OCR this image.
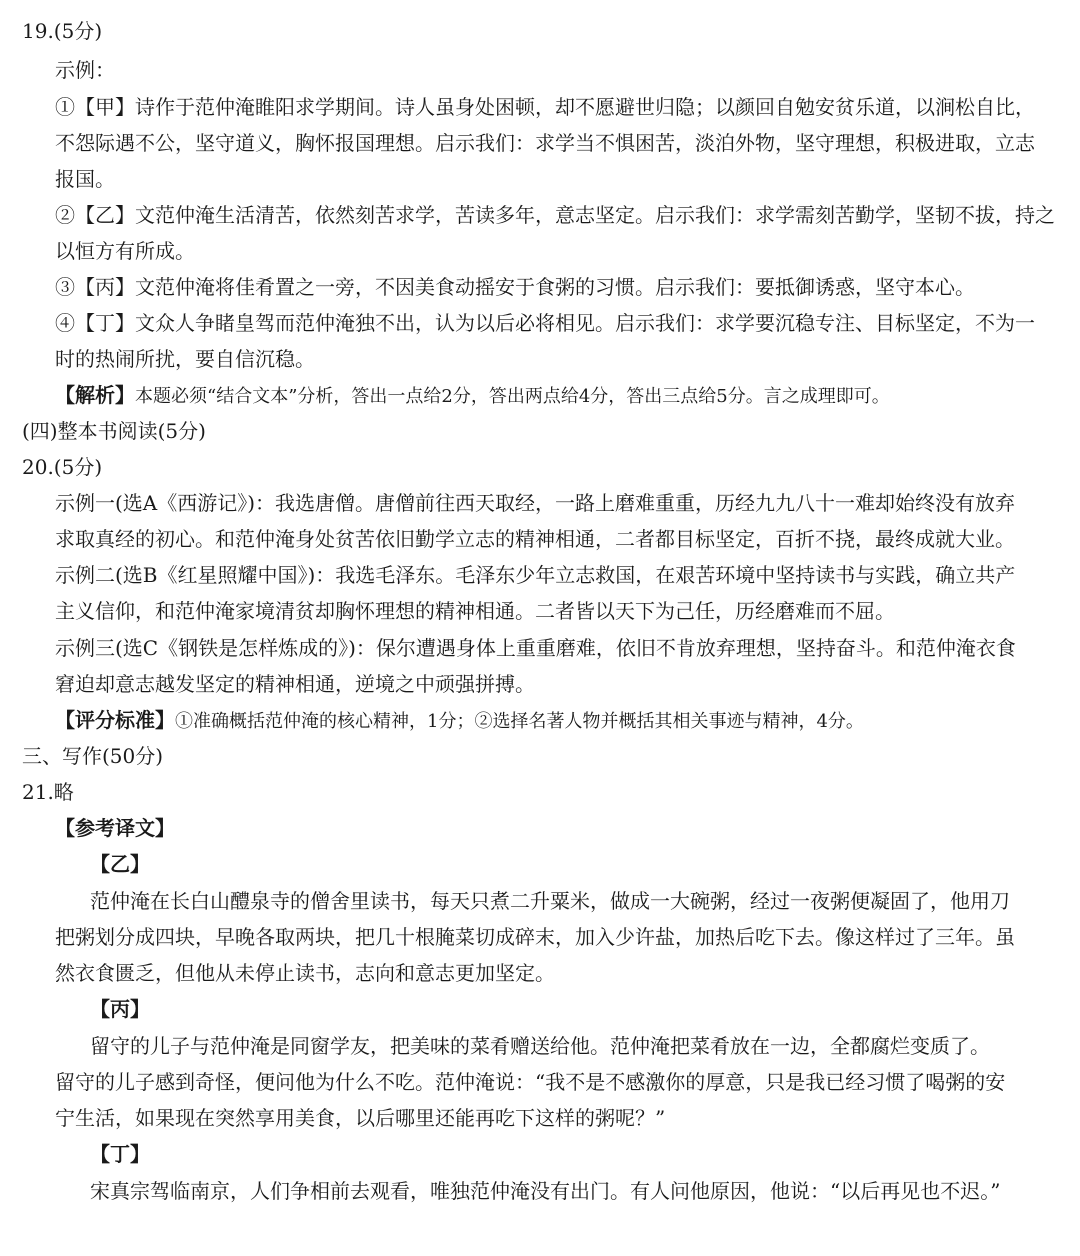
19.(5分)
示例：
①【甲】诗作于范仲淹睢阳求学期间。诗人虽身处困顿，却不愿避世归隐；以颜回自勉安贫乐道，以涧松自比，
不怨际遇不公，坚守道义，胸怀报国理想。启示我们：求学当不惧困苦，淡泊外物，坚守理想，积极进取，立志
报国。
②【乙】文范仲淹生活清苦，依然刻苦求学，苦读多年，意志坚定。启示我们：求学需刻苦勤学，坚韧不拔，持之
以恒方有所成。
③【丙】文范仲淹将佳肴置之一旁，不因美食动摇安于食粥的习惯。启示我们：要抵御诱惑，坚守本心。
④【丁】文众人争睹皇驾而范仲淹独不出，认为以后必将相见。启示我们：求学要沉稳专注、目标坚定，不为一
时的热闹所扰，要自信沉稳。
【解析】本题必须“结合文本”分析，答出一点给2分，答出两点给4分，答出三点给5分。言之成理即可。
(四)整本书阅读(5分)
20.(5分)
示例一(选A《西游记》)：我选唐僧。唐僧前往西天取经，一路上磨难重重，历经九九八十一难却始终没有放弃
求取真经的初心。和范仲淹身处贫苦依旧勤学立志的精神相通，二者都目标坚定，百折不挠，最终成就大业。
示例二(选B《红星照耀中国》)：我选毛泽东。毛泽东少年立志救国，在艰苦环境中坚持读书与实践，确立共产
主义信仰，和范仲淹家境清贫却胸怀理想的精神相通。二者皆以天下为己任，历经磨难而不屈。
示例三(选C《钢铁是怎样炼成的》)：保尔遭遇身体上重重磨难，依旧不肯放弃理想，坚持奋斗。和范仲淹衣食
窘迫却意志越发坚定的精神相通，逆境之中顽强拼搏。
【评分标准】①准确概括范仲淹的核心精神，1分；②选择名著人物并概括其相关事迹与精神，4分。
三、写作(50分)
21.略
【参考译文】
【乙】
范仲淹在长白山醴泉寺的僧舍里读书，每天只煮二升粟米，做成一大碗粥，经过一夜粥便凝固了，他用刀
把粥划分成四块，早晚各取两块，把几十根腌菜切成碎末，加入少许盐，加热后吃下去。像这样过了三年。虽
然衣食匮乏，但他从未停止读书，志向和意志更加坚定。
【丙】
留守的儿子与范仲淹是同窗学友，把美味的菜肴赠送给他。范仲淹把菜肴放在一边，全都腐烂变质了。
留守的儿子感到奇怪，便问他为什么不吃。范仲淹说：“我不是不感激你的厚意，只是我已经习惯了喝粥的安
宁生活，如果现在突然享用美食，以后哪里还能再吃下这样的粥呢？”
【丁】
宋真宗驾临南京，人们争相前去观看，唯独范仲淹没有出门。有人问他原因，他说：“以后再见也不迟。”
